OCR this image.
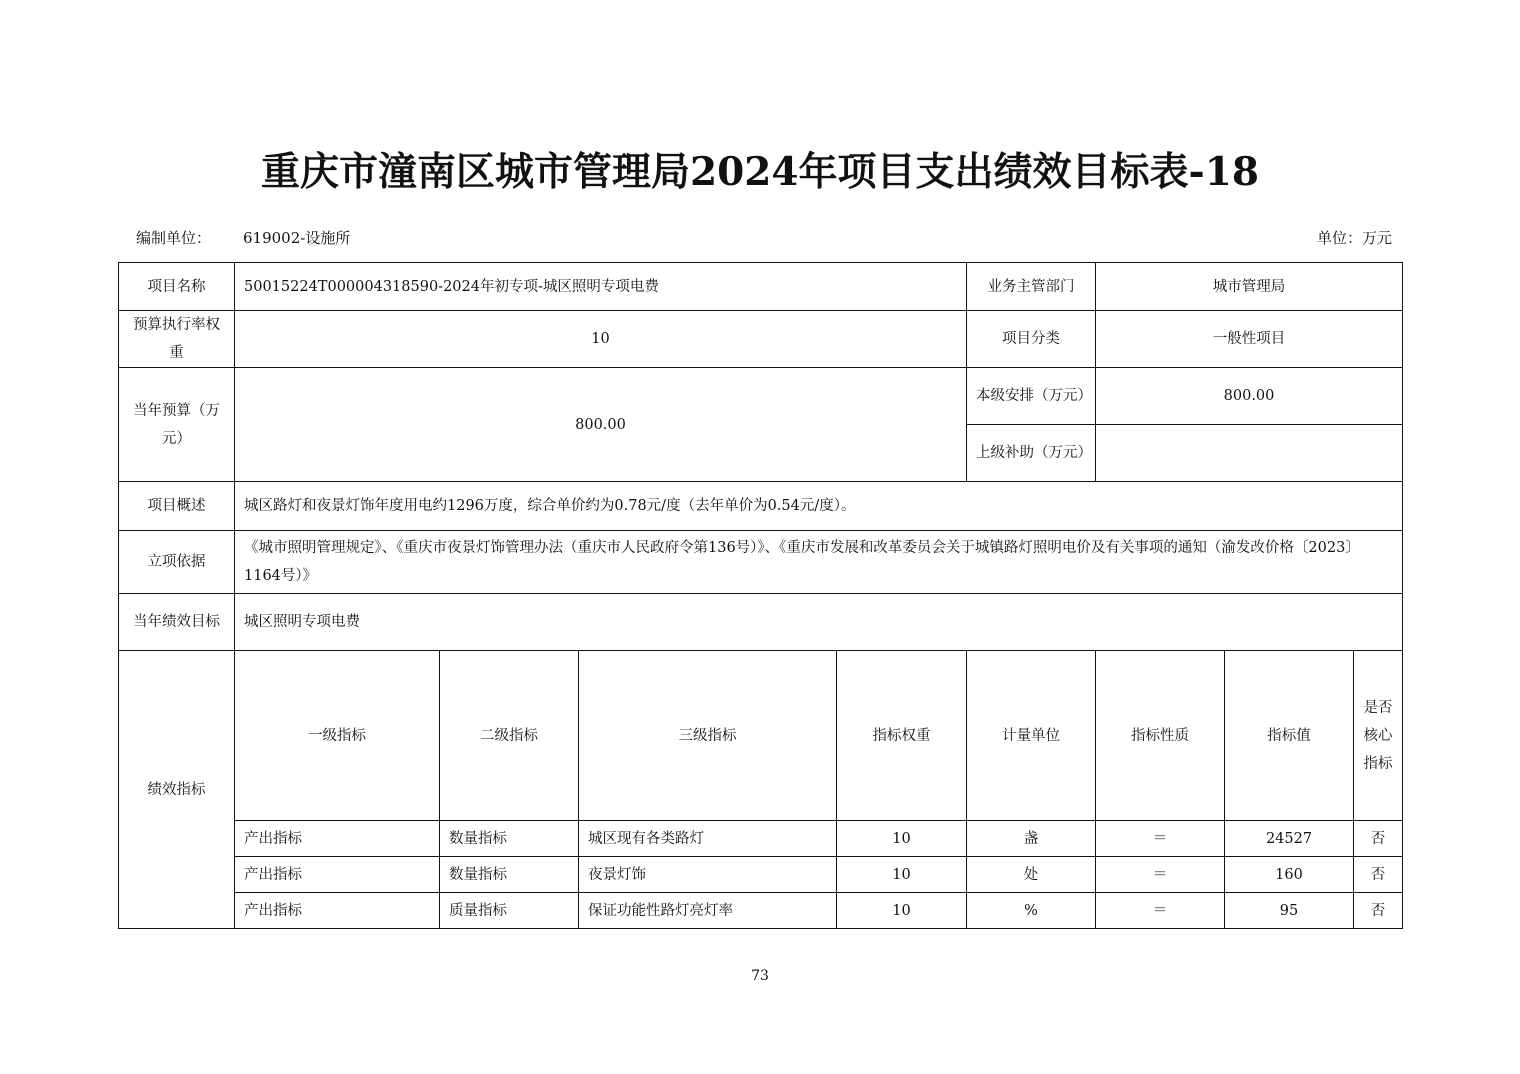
重庆市潼南区城市管理局2024年项目支出绩效目标表-18
编制单位： 619002-设施所	单位：万元
项目名称	50015224T000004318590-2024年初专项-城区照明专项电费				业务主管部门	城市管理局		
预算执行率权重	10				项目分类	一般性项目		
当年预算（万元）	800.00				本级安排（万元）	800.00		
					上级补助（万元）			
项目概述	城区路灯和夜景灯饰年度用电约1296万度，综合单价约为0.78元/度（去年单价为0.54元/度）。							
立项依据	《城市照明管理规定》、《重庆市夜景灯饰管理办法（重庆市人民政府令第136号）》、《重庆市发展和改革委员会关于城镇路灯照明电价及有关事项的通知（渝发改价格〔2023〕1164号）》							
当年绩效目标	城区照明专项电费							
绩效指标	一级指标	二级指标	三级指标	指标权重	计量单位	指标性质	指标值	是否核心指标
	产出指标	数量指标	城区现有各类路灯	10	盏	＝	24527	否
	产出指标	数量指标	夜景灯饰	10	处	＝	160	否
	产出指标	质量指标	保证功能性路灯亮灯率	10	%	＝	95	否
73
